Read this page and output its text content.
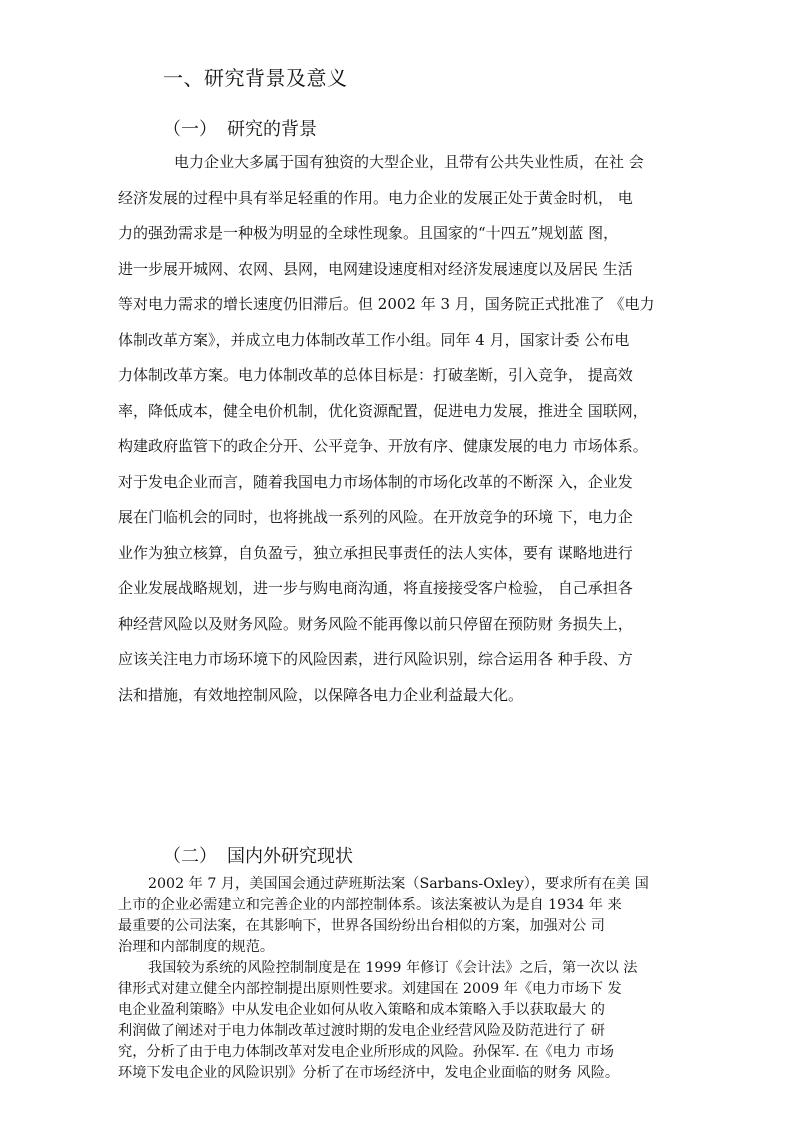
一、研究背景及意义
（一） 研究的背景
电力企业大多属于国有独资的大型企业，且带有公共失业性质，在社 会
经济发展的过程中具有举足轻重的作用。电力企业的发展正处于黄金时机， 电
力的强劲需求是一种极为明显的全球性现象。且国家的“十四五”规划蓝 图，
进一步展开城网、农网、县网，电网建设速度相对经济发展速度以及居民 生活
等对电力需求的增长速度仍旧滞后。但 2002 年 3 月，国务院正式批准了 《电力
体制改革方案》，并成立电力体制改革工作小组。同年 4 月，国家计委 公布电
力体制改革方案。电力体制改革的总体目标是：打破垄断，引入竞争， 提高效
率，降低成本，健全电价机制，优化资源配置，促进电力发展，推进全 国联网，
构建政府监管下的政企分开、公平竞争、开放有序、健康发展的电力 市场体系。
对于发电企业而言，随着我国电力市场体制的市场化改革的不断深 入，企业发
展在门临机会的同时，也将挑战一系列的风险。在开放竞争的环境 下，电力企
业作为独立核算，自负盈亏，独立承担民事责任的法人实体，要有 谋略地进行
企业发展战略规划，进一步与购电商沟通，将直接接受客户检验， 自己承担各
种经营风险以及财务风险。财务风险不能再像以前只停留在预防财 务损失上，
应该关注电力市场环境下的风险因素，进行风险识别，综合运用各 种手段、方
法和措施，有效地控制风险，以保障各电力企业利益最大化。
（二） 国内外研究现状
2002 年 7 月，美国国会通过萨班斯法案（Sarbans-Oxley），要求所有在美 国
上市的企业必需建立和完善企业的内部控制体系。该法案被认为是自 1934 年 来
最重要的公司法案，在其影响下，世界各国纷纷出台相似的方案，加强对公 司
治理和内部制度的规范。
我国较为系统的风险控制制度是在 1999 年修订《会计法》之后，第一次以 法
律形式对建立健全内部控制提出原则性要求。刘建国在 2009 年《电力市场下 发
电企业盈利策略》中从发电企业如何从收入策略和成本策略入手以获取最大 的
利润做了阐述对于电力体制改革过渡时期的发电企业经营风险及防范进行了 研
究，分析了由于电力体制改革对发电企业所形成的风险。孙保军. 在《电力 市场
环境下发电企业的风险识别》分析了在市场经济中，发电企业面临的财务 风险。
